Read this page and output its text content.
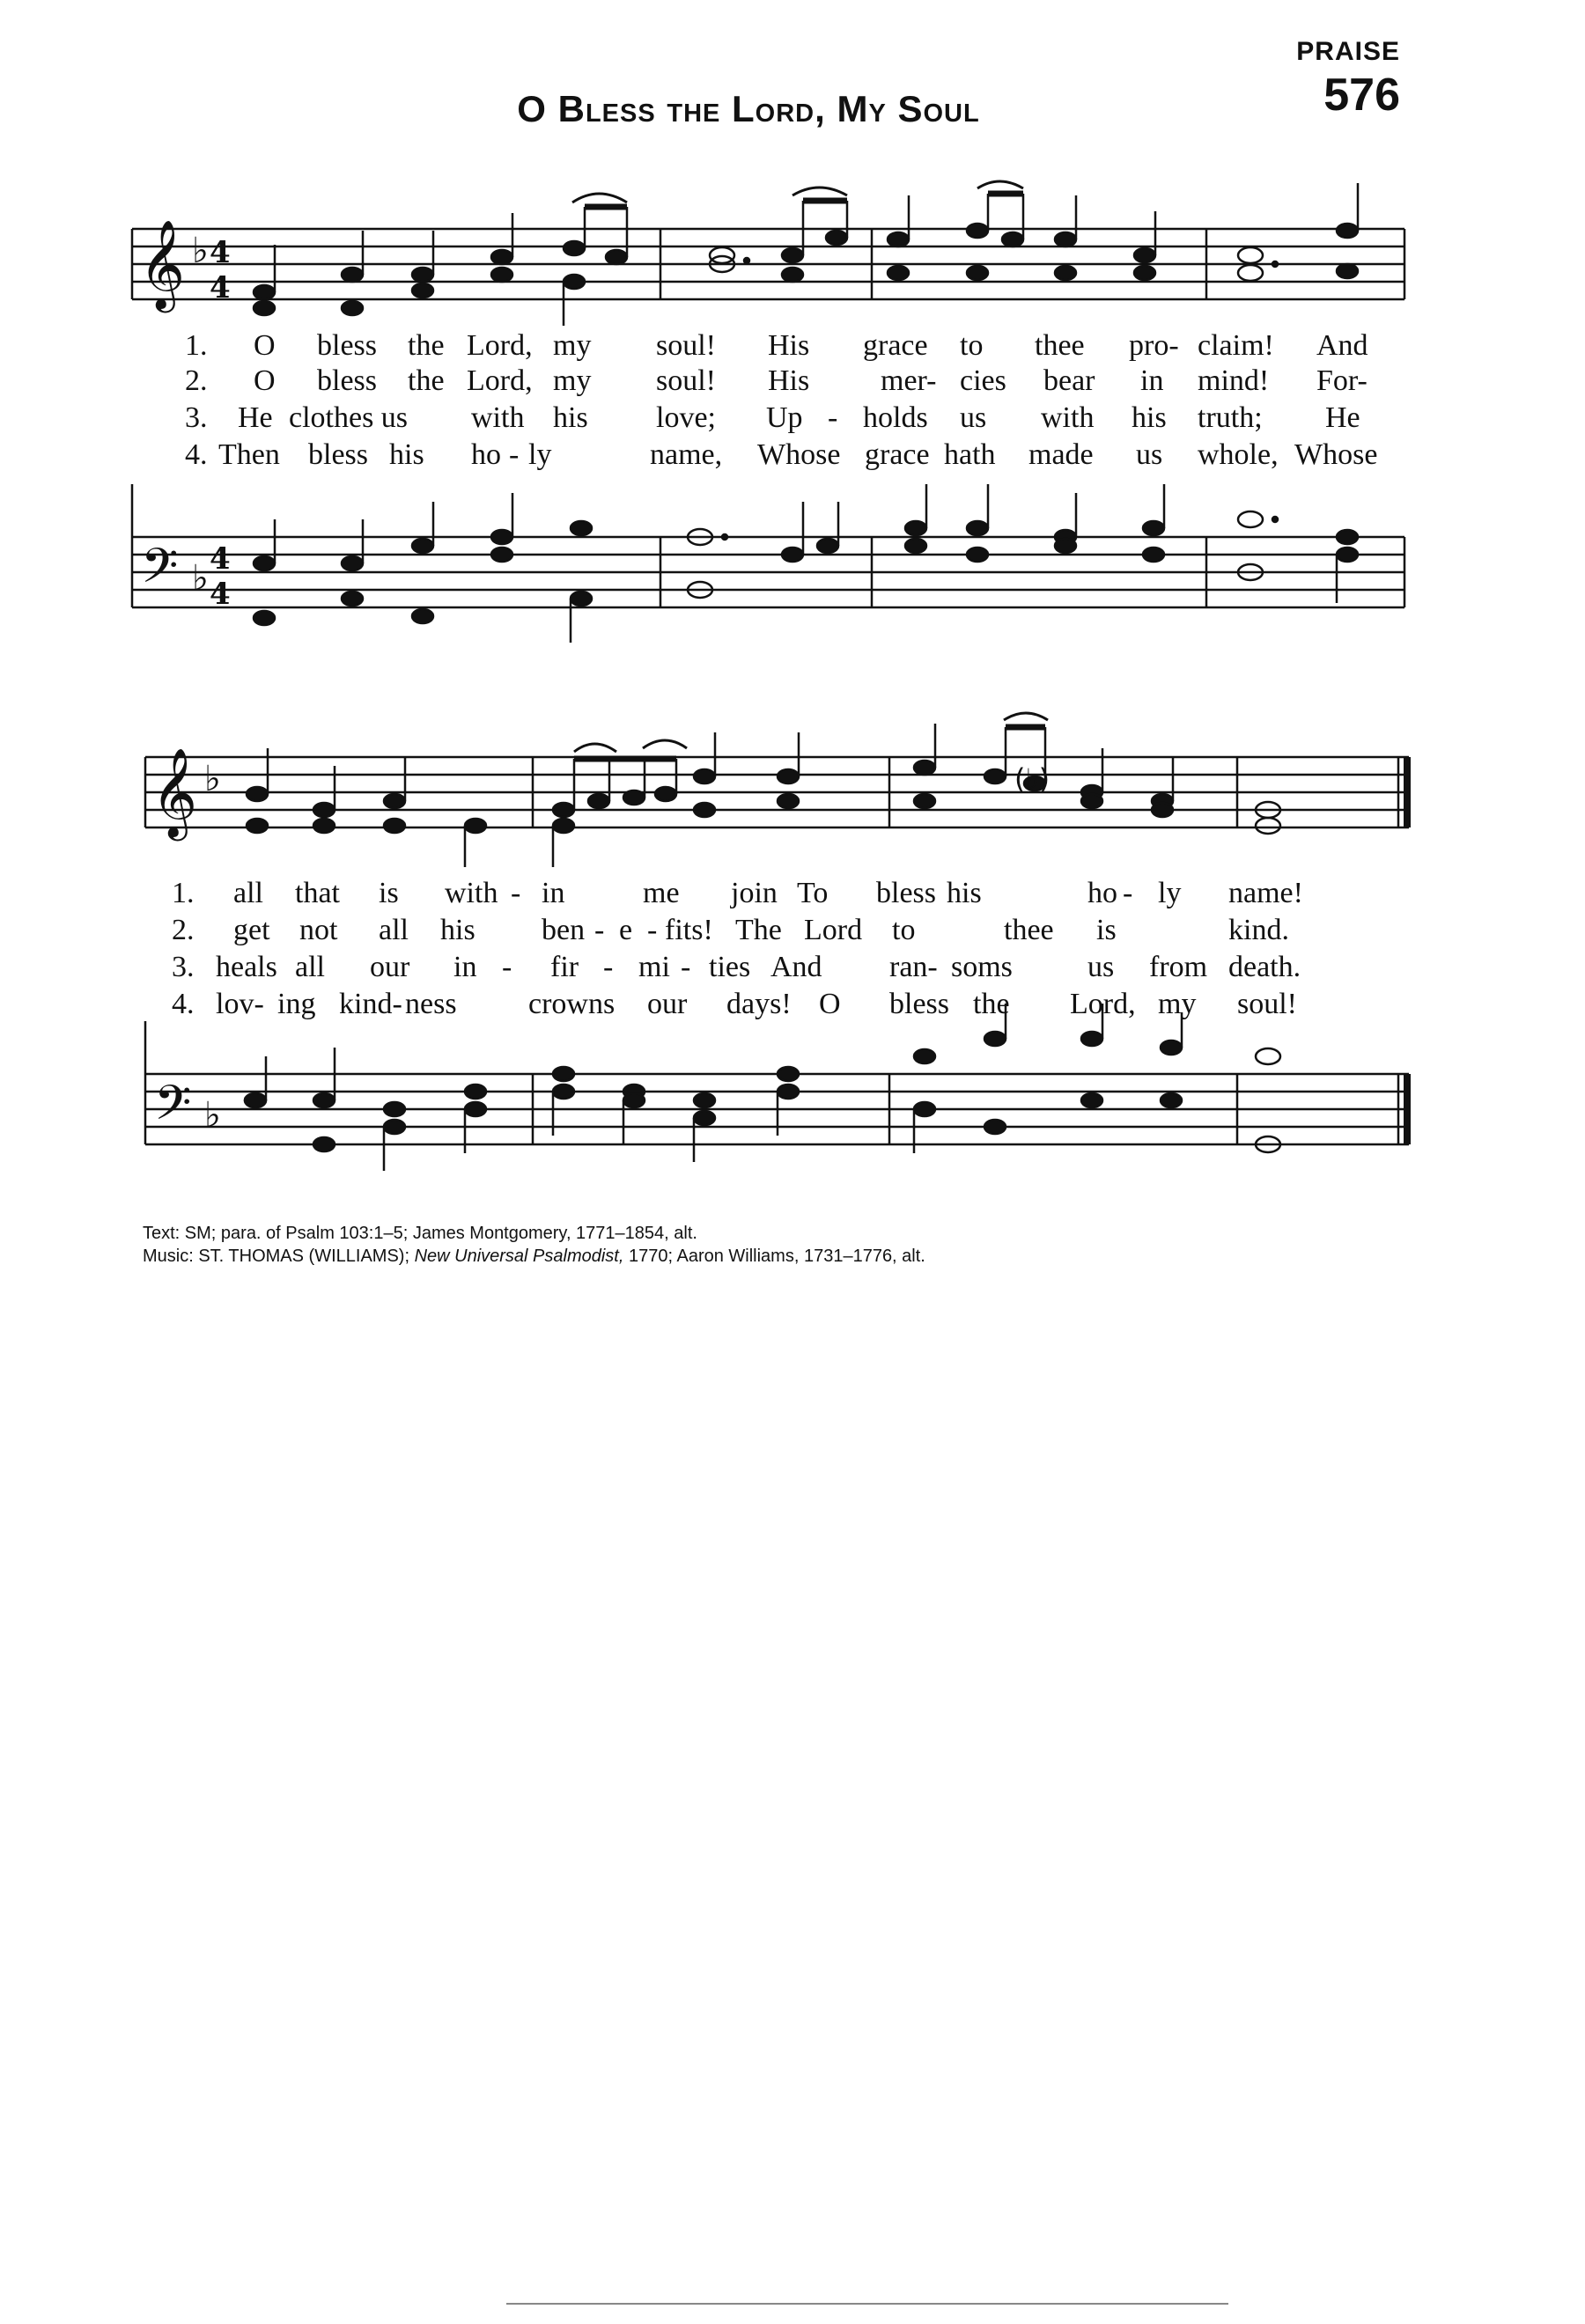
PRAISE
576
O Bless the Lord, My Soul
𝄞 ♭ 4
4
1. O bless the Lord, my soul! His grace to thee pro- claim! And
2. O bless the Lord, my soul! His mer- cies bear in mind! For-
3. He clothes us with his love; Up - holds us with his truth; He
4. Then bless his ho - ly	name, Whose grace hath made us whole, Whose
𝄢 ♭ 4
4
𝄞 ♭	(♭)
1. all that is with - in	me join To bless his	ho - ly name!
2. get not all his ben - e - fits! The Lord to	thee is	kind.
3. heals all our in - fir - mi - ties And ran- soms	us from death.
4. lov- ing kind- ness crowns our days! O bless the Lord, my soul!
𝄢 ♭
Text: SM; para. of Psalm 103:1–5; James Montgomery, 1771–1854, alt.
Music: ST. THOMAS (WILLIAMS); New Universal Psalmodist, 1770; Aaron Williams, 1731–1776, alt.
